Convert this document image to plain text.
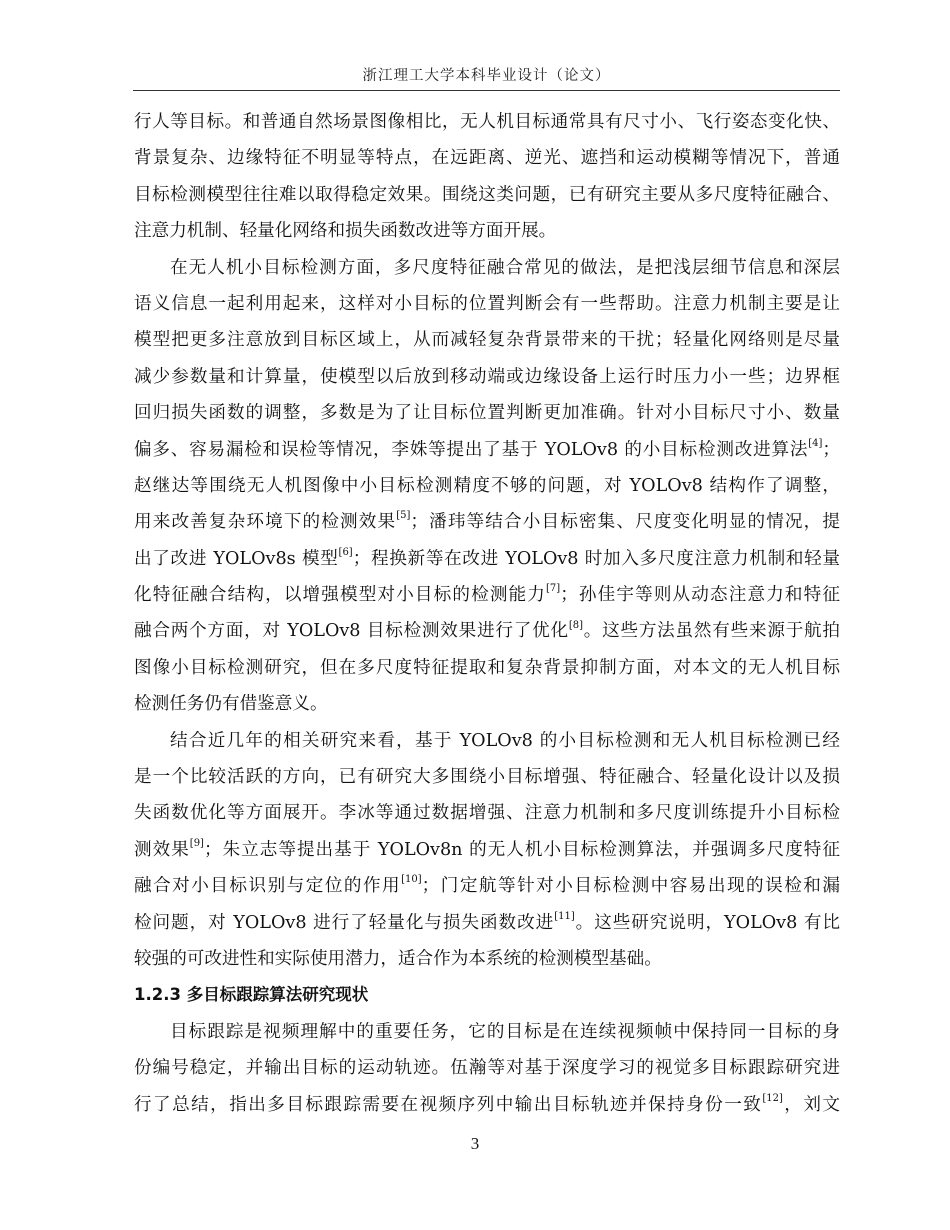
浙江理工大学本科毕业设计（论文）
行人等目标。和普通自然场景图像相比，无人机目标通常具有尺寸小、飞行姿态变化快、
背景复杂、边缘特征不明显等特点，在远距离、逆光、遮挡和运动模糊等情况下，普通
目标检测模型往往难以取得稳定效果。围绕这类问题，已有研究主要从多尺度特征融合、
注意力机制、轻量化网络和损失函数改进等方面开展。
在无人机小目标检测方面，多尺度特征融合常见的做法，是把浅层细节信息和深层
语义信息一起利用起来，这样对小目标的位置判断会有一些帮助。注意力机制主要是让
模型把更多注意放到目标区域上，从而减轻复杂背景带来的干扰；轻量化网络则是尽量
减少参数量和计算量，使模型以后放到移动端或边缘设备上运行时压力小一些；边界框
回归损失函数的调整，多数是为了让目标位置判断更加准确。针对小目标尺寸小、数量
偏多、容易漏检和误检等情况，李姝等提出了基于 YOLOv8 的小目标检测改进算法[4]；
赵继达等围绕无人机图像中小目标检测精度不够的问题，对 YOLOv8 结构作了调整，
用来改善复杂环境下的检测效果[5]；潘玮等结合小目标密集、尺度变化明显的情况，提
出了改进 YOLOv8s 模型[6]；程换新等在改进 YOLOv8 时加入多尺度注意力机制和轻量
化特征融合结构，以增强模型对小目标的检测能力[7]；孙佳宇等则从动态注意力和特征
融合两个方面，对 YOLOv8 目标检测效果进行了优化[8]。这些方法虽然有些来源于航拍
图像小目标检测研究，但在多尺度特征提取和复杂背景抑制方面，对本文的无人机目标
检测任务仍有借鉴意义。
结合近几年的相关研究来看，基于 YOLOv8 的小目标检测和无人机目标检测已经
是一个比较活跃的方向，已有研究大多围绕小目标增强、特征融合、轻量化设计以及损
失函数优化等方面展开。李冰等通过数据增强、注意力机制和多尺度训练提升小目标检
测效果[9]；朱立志等提出基于 YOLOv8n 的无人机小目标检测算法，并强调多尺度特征
融合对小目标识别与定位的作用[10]；门定航等针对小目标检测中容易出现的误检和漏
检问题，对 YOLOv8 进行了轻量化与损失函数改进[11]。这些研究说明，YOLOv8 有比
较强的可改进性和实际使用潜力，适合作为本系统的检测模型基础。
1.2.3 多目标跟踪算法研究现状
目标跟踪是视频理解中的重要任务，它的目标是在连续视频帧中保持同一目标的身
份编号稳定，并输出目标的运动轨迹。伍瀚等对基于深度学习的视觉多目标跟踪研究进
行了总结，指出多目标跟踪需要在视频序列中输出目标轨迹并保持身份一致[12]，刘文
3
